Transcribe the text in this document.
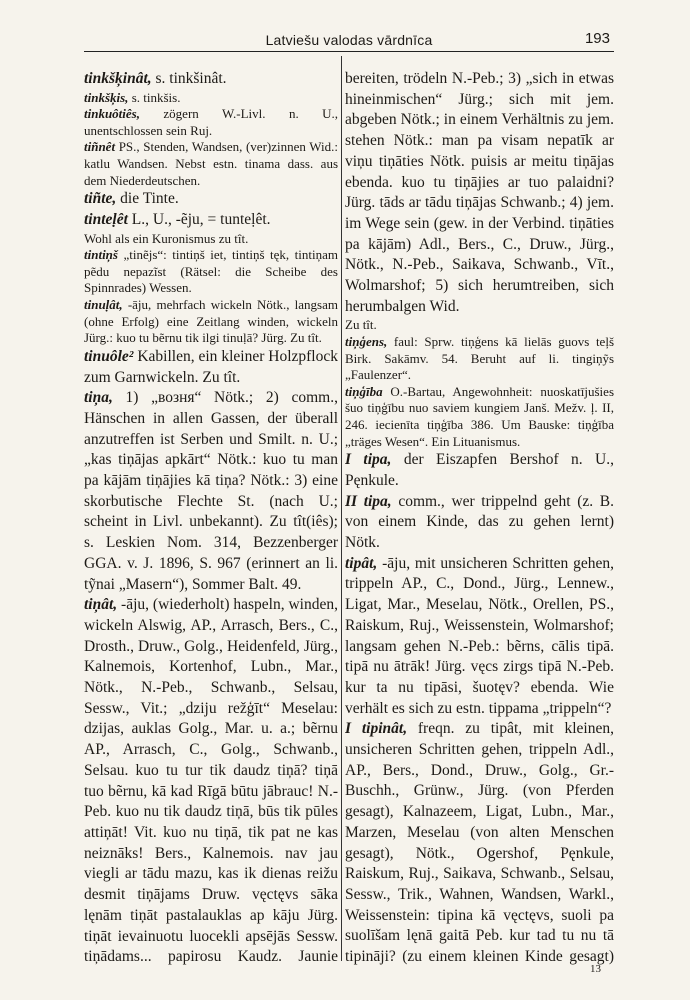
Latviešu valodas vārdnīca	193
tinkšķinât, s. tinkšinât.
tinkšķis, s. tinkšis.
tinkuôtiês, zögern W.-Livl. n. U., unentschlossen sein Ruj.
tiñnêt PS., Stenden, Wandsen, (ver)zinnen Wid.: katlu Wandsen. Nebst estn. tinama dass. aus dem Niederdeutschen.
tiñte, die Tinte.
tinteḷêt L., U., -ẽju, = tunteḷêt.
Wohl als ein Kuronismus zu tît.
tintiņš „tinẽjs“: tintiņš iet, tintiņš tęk, tintiņam pẽdu nepazĩst (Rätsel: die Scheibe des Spinnrades) Wessen.
tinuḷât, -āju, mehrfach wickeln Nötk., langsam (ohne Erfolg) eine Zeitlang winden, wickeln Jürg.: kuo tu bẽrnu tik ilgi tinuḷā? Jürg. Zu tît.
tinuôle² Kabillen, ein kleiner Holzpflock zum Garnwickeln. Zu tît.
tiņa, 1) „возня“ Nötk.; 2) comm., Hänschen in allen Gassen, der überall anzutreffen ist Serben und Smilt. n. U.; „kas tiņājas apkārt“ Nötk.: kuo tu man pa kājām tiņājies kā tiņa? Nötk.: 3) eine skorbutische Flechte St. (nach U.; scheint in Livl. unbekannt). Zu tît(iês); s. Leskien Nom. 314, Bezzenberger GGA. v. J. 1896, S. 967 (erinnert an li. tỹnai „Masern“), Sommer Balt. 49.
tiņât, -āju, (wiederholt) haspeln, winden, wickeln Alswig, AP., Arrasch, Bers., C., Drosth., Druw., Golg., Heidenfeld, Jürg., Kalnemois, Kortenhof, Lubn., Mar., Nötk., N.-Peb., Schwanb., Selsau, Sessw., Vit.; „dziju režģīt“ Meselau: dzijas, auklas Golg., Mar. u. a.; bẽrnu AP., Arrasch, C., Golg., Schwanb., Selsau. kuo tu tur tik daudz tiņā? tiņā tuo bẽrnu, kā kad Rīgā būtu jābrauc! N.-Peb. kuo nu tik daudz tiņā, būs tik pūles attiņāt! Vit. kuo nu tiņā, tik pat ne kas neiznāks! Bers., Kalnemois. nav jau viegli ar tādu mazu, kas ik dienas reižu desmit tiņājams Druw. vęctęvs sāka lęnām tiņāt pastalauklas ap kāju Jürg. tiņāt ievainuotu luocekli apsējās Sessw. tiņādams... papirosu Kaudz. Jaunie
bereiten, trödeln N.-Peb.; 3) „sich in etwas hineinmischen“ Jürg.; sich mit jem. abgeben Nötk.; in einem Verhältnis zu jem. stehen Nötk.: man pa visam nepatīk ar viņu tiņāties Nötk. puisis ar meitu tiņājas ebenda. kuo tu tiņājies ar tuo palaidni? Jürg. tāds ar tādu tiņājas Schwanb.; 4) jem. im Wege sein (gew. in der Verbind. tiņāties pa kājām) Adl., Bers., C., Druw., Jürg., Nötk., N.-Peb., Saikava, Schwanb., Vīt., Wolmarshof; 5) sich herumtreiben, sich herumbalgen Wid.
Zu tît.
tiņģens, faul: Sprw. tiņģens kā lielās guovs teļš Birk. Sakāmv. 54. Beruht auf li. tingiņỹs „Faulenzer“.
tiņģība O.-Bartau, Angewohnheit: nuoskatījušies šuo tiņģību nuo saviem kungiem Janš. Mežv. ļ. II, 246. iecienīta tiņģība 386. Um Bauske: tiņģība „träges Wesen“. Ein Lituanismus.
I tipa, der Eiszapfen Bershof n. U., Pęnkule.
II tipa, comm., wer trippelnd geht (z. B. von einem Kinde, das zu gehen lernt) Nötk.
tipât, -āju, mit unsicheren Schritten gehen, trippeln AP., C., Dond., Jürg., Lennew., Ligat, Mar., Meselau, Nötk., Orellen, PS., Raiskum, Ruj., Weissenstein, Wolmarshof; langsam gehen N.-Peb.: bẽrns, cālis tipā. tipā nu ātrāk! Jürg. vęcs zirgs tipā N.-Peb. kur ta nu tipāsi, šuotęv? ebenda. Wie verhält es sich zu estn. tippama „trippeln“?
I tipinât, freqn. zu tipât, mit kleinen, unsicheren Schritten gehen, trippeln Adl., AP., Bers., Dond., Druw., Golg., Gr.-Buschh., Grünw., Jürg. (von Pferden gesagt), Kalnazeem, Ligat, Lubn., Mar., Marzen, Meselau (von alten Menschen gesagt), Nötk., Ogershof, Pęnkule, Raiskum, Ruj., Saikava, Schwanb., Selsau, Sessw., Trik., Wahnen, Wandsen, Warkl., Weissenstein: tipina kā vęctęvs, suoli pa suolīšam lęnā gaitā Peb. kur tad tu nu tā tipināji? (zu einem kleinen Kinde gesagt)
13
